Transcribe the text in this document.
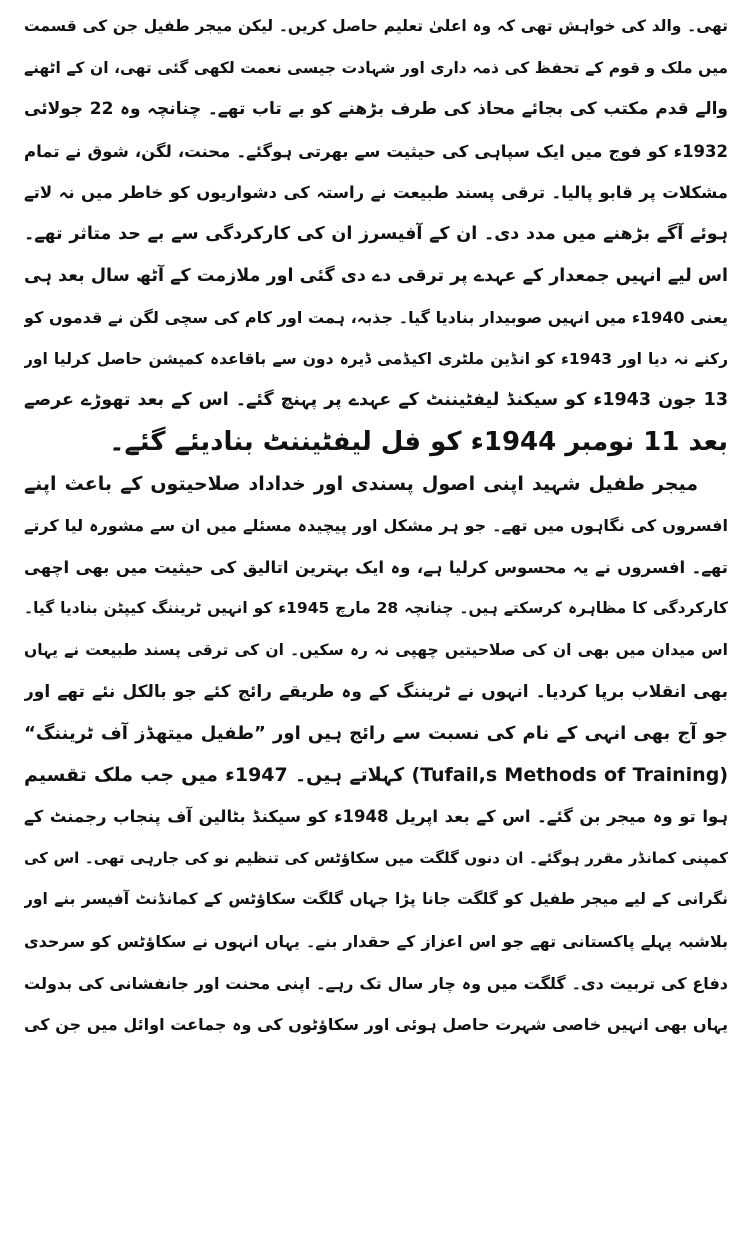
تھی۔ والد کی خواہش تھی کہ وہ اعلیٰ تعلیم حاصل کریں۔ لیکن میجر طفیل جن کی قسمت
میں ملک و قوم کے تحفظ کی ذمہ داری اور شہادت جیسی نعمت لکھی گئی تھی، ان کے اٹھنے
والے قدم مکتب کی بجائے محاذ کی طرف بڑھنے کو بے تاب تھے۔ چنانچہ وہ 22 جولائی
1932ء کو فوج میں ایک سپاہی کی حیثیت سے بھرتی ہوگئے۔ محنت، لگن، شوق نے تمام
مشکلات پر قابو پالیا۔ ترقی پسند طبیعت نے راستہ کی دشواریوں کو خاطر میں نہ لاتے
ہوئے آگے بڑھنے میں مدد دی۔ ان کے آفیسرز ان کی کارکردگی سے بے حد متاثر تھے۔
اس لیے انہیں جمعدار کے عہدے پر ترقی دے دی گئی اور ملازمت کے آٹھ سال بعد ہی
یعنی 1940ء میں انہیں صوبیدار بنادیا گیا۔ جذبہ، ہمت اور کام کی سچی لگن نے قدموں کو
رکنے نہ دیا اور 1943ء کو انڈین ملٹری اکیڈمی ڈیرہ دون سے باقاعدہ کمیشن حاصل کرلیا اور
13 جون 1943ء کو سیکنڈ لیفٹیننٹ کے عہدے پر پہنچ گئے۔ اس کے بعد تھوڑے عرصے
بعد 11 نومبر 1944ء کو فل لیفٹیننٹ بنادیئے گئے۔
میجر طفیل شہید اپنی اصول پسندی اور خداداد صلاحیتوں کے باعث اپنے
افسروں کی نگاہوں میں تھے۔ جو ہر مشکل اور پیچیدہ مسئلے میں ان سے مشورہ لیا کرتے
تھے۔ افسروں نے یہ محسوس کرلیا ہے، وہ ایک بہترین اتالیق کی حیثیت میں بھی اچھی
کارکردگی کا مظاہرہ کرسکتے ہیں۔ چنانچہ 28 مارچ 1945ء کو انہیں ٹریننگ کیپٹن بنادیا گیا۔
اس میدان میں بھی ان کی صلاحیتیں چھپی نہ رہ سکیں۔ ان کی ترقی پسند طبیعت نے یہاں
بھی انقلاب برپا کردیا۔ انہوں نے ٹریننگ کے وہ طریقے رائج کئے جو بالکل نئے تھے اور
جو آج بھی انہی کے نام کی نسبت سے رائج ہیں اور ”طفیل میتھڈز آف ٹریننگ“
(Tufail,s Methods of Training) کہلاتے ہیں۔ 1947ء میں جب ملک تقسیم
ہوا تو وہ میجر بن گئے۔ اس کے بعد اپریل 1948ء کو سیکنڈ بٹالین آف پنجاب رجمنٹ کے
کمپنی کمانڈر مقرر ہوگئے۔ ان دنوں گلگت میں سکاؤٹس کی تنظیم نو کی جارہی تھی۔ اس کی
نگرانی کے لیے میجر طفیل کو گلگت جانا پڑا جہاں گلگت سکاؤٹس کے کمانڈنٹ آفیسر بنے اور
بلاشبہ پہلے پاکستانی تھے جو اس اعزاز کے حقدار بنے۔ یہاں انہوں نے سکاؤٹس کو سرحدی
دفاع کی تربیت دی۔ گلگت میں وہ چار سال تک رہے۔ اپنی محنت اور جانفشانی کی بدولت
یہاں بھی انہیں خاصی شہرت حاصل ہوئی اور سکاؤٹوں کی وہ جماعت اوائل میں جن کی
